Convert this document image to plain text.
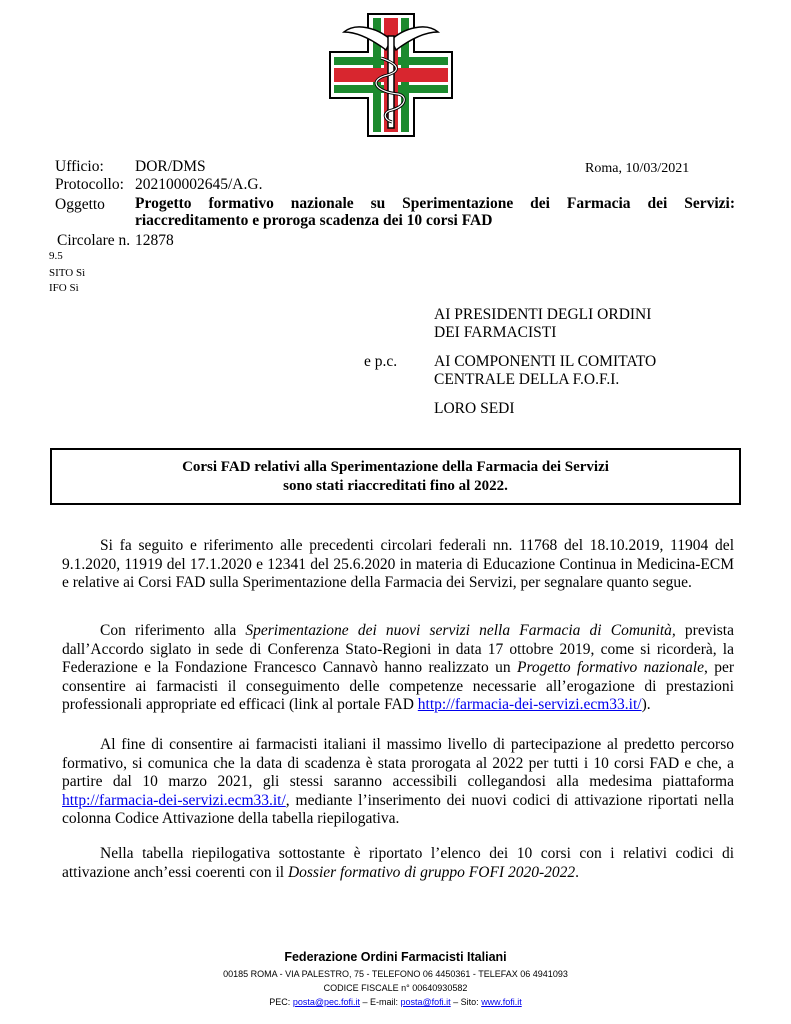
Ufficio: DOR/DMS	Roma, 10/03/2021
Protocollo: 202100002645/A.G.
Oggetto Progetto formativo nazionale su Sperimentazione dei Farmacia dei Servizi:
riaccreditamento e proroga scadenza dei 10 corsi FAD
Circolare n. 12878
9.5
SITO Sì
IFO Sì
AI PRESIDENTI DEGLI ORDINI
DEI FARMACISTI
e p.c. AI COMPONENTI IL COMITATO
CENTRALE DELLA F.O.F.I.
LORO SEDI
Corsi FAD relativi alla Sperimentazione della Farmacia dei Servizi
sono stati riaccreditati fino al 2022.

Si fa seguito e riferimento alle precedenti circolari federali nn. 11768 del 18.10.2019, 11904 del 9.1.2020, 11919 del 17.1.2020 e 12341 del 25.6.2020 in materia di Educazione Continua in Medicina-ECM e relative ai Corsi FAD sulla Sperimentazione della Farmacia dei Servizi, per segnalare quanto segue.

Con riferimento alla Sperimentazione dei nuovi servizi nella Farmacia di Comunità, prevista dall’Accordo siglato in sede di Conferenza Stato-Regioni in data 17 ottobre 2019, come si ricorderà, la Federazione e la Fondazione Francesco Cannavò hanno realizzato un Progetto formativo nazionale, per consentire ai farmacisti il conseguimento delle competenze necessarie all’erogazione di prestazioni professionali appropriate ed efficaci (link al portale FAD http://farmacia-dei-servizi.ecm33.it/).

Al fine di consentire ai farmacisti italiani il massimo livello di partecipazione al predetto percorso formativo, si comunica che la data di scadenza è stata prorogata al 2022 per tutti i 10 corsi FAD e che, a partire dal 10 marzo 2021, gli stessi saranno accessibili collegandosi alla medesima piattaforma http://farmacia-dei-servizi.ecm33.it/, mediante l’inserimento dei nuovi codici di attivazione riportati nella colonna Codice Attivazione della tabella riepilogativa.

Nella tabella riepilogativa sottostante è riportato l’elenco dei 10 corsi con i relativi codici di attivazione anch’essi coerenti con il Dossier formativo di gruppo FOFI 2020-2022.

Federazione Ordini Farmacisti Italiani
00185 ROMA - VIA PALESTRO, 75 - TELEFONO 06 4450361 - TELEFAX 06 4941093
CODICE FISCALE n° 00640930582
PEC: posta@pec.fofi.it – E-mail: posta@fofi.it – Sito: www.fofi.it
